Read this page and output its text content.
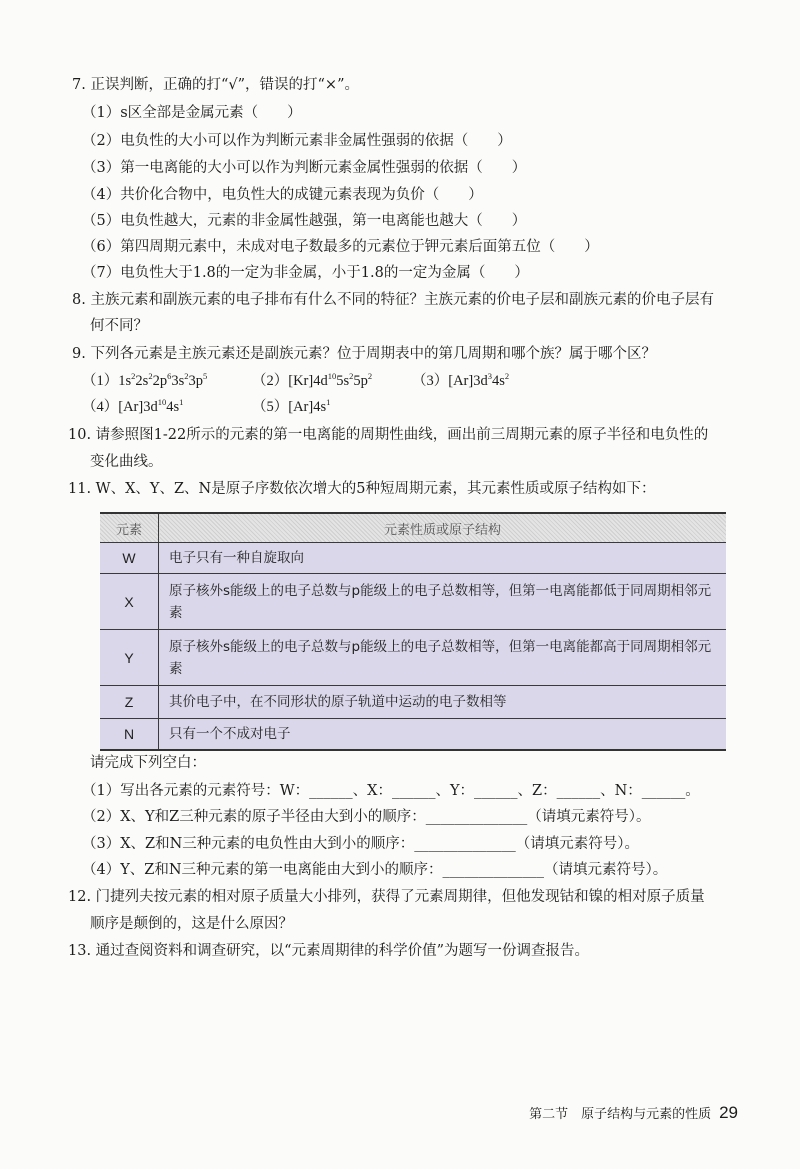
7. 正误判断，正确的打“√”，错误的打“×”。
（1）s区全部是金属元素（　　）
（2）电负性的大小可以作为判断元素非金属性强弱的依据（　　）
（3）第一电离能的大小可以作为判断元素金属性强弱的依据（　　）
（4）共价化合物中，电负性大的成键元素表现为负价（　　）
（5）电负性越大，元素的非金属性越强，第一电离能也越大（　　）
（6）第四周期元素中，未成对电子数最多的元素位于钾元素后面第五位（　　）
（7）电负性大于1.8的一定为非金属，小于1.8的一定为金属（　　）
8. 主族元素和副族元素的电子排布有什么不同的特征？主族元素的价电子层和副族元素的价电子层有
何不同？
9. 下列各元素是主族元素还是副族元素？位于周期表中的第几周期和哪个族？属于哪个区？
$(1)1s^22s^22p^63s^23p^5$	$(2)[Kr]4d^{10}5s^25p^2$	$(3)[Ar]3d^34s^2$
$(4)[Ar]3d^{10}4s^1$	$(5)[Ar]4s^1$
10. 请参照图1-22所示的元素的第一电离能的周期性曲线，画出前三周期元素的原子半径和电负性的
变化曲线。
11. W、X、Y、Z、N是原子序数依次增大的5种短周期元素，其元素性质或原子结构如下：
元素	元素性质或原子结构
W	电子只有一种自旋取向
X	原子核外s能级上的电子总数与p能级上的电子总数相等，但第一电离能都低于同周期相邻元素
Y	原子核外s能级上的电子总数与p能级上的电子总数相等，但第一电离能都高于同周期相邻元素
Z	其价电子中，在不同形状的原子轨道中运动的电子数相等
N	只有一个不成对电子
请完成下列空白：
（1）写出各元素的元素符号：W：______、X：______、Y：______、Z：______、N：______。
（2）X、Y和Z三种元素的原子半径由大到小的顺序：______________（请填元素符号）。
（3）X、Z和N三种元素的电负性由大到小的顺序：______________（请填元素符号）。
（4）Y、Z和N三种元素的第一电离能由大到小的顺序：______________（请填元素符号）。
12. 门捷列夫按元素的相对原子质量大小排列，获得了元素周期律，但他发现钴和镍的相对原子质量
顺序是颠倒的，这是什么原因？
13. 通过查阅资料和调查研究，以“元素周期律的科学价值”为题写一份调查报告。
第二节　原子结构与元素的性质 29
